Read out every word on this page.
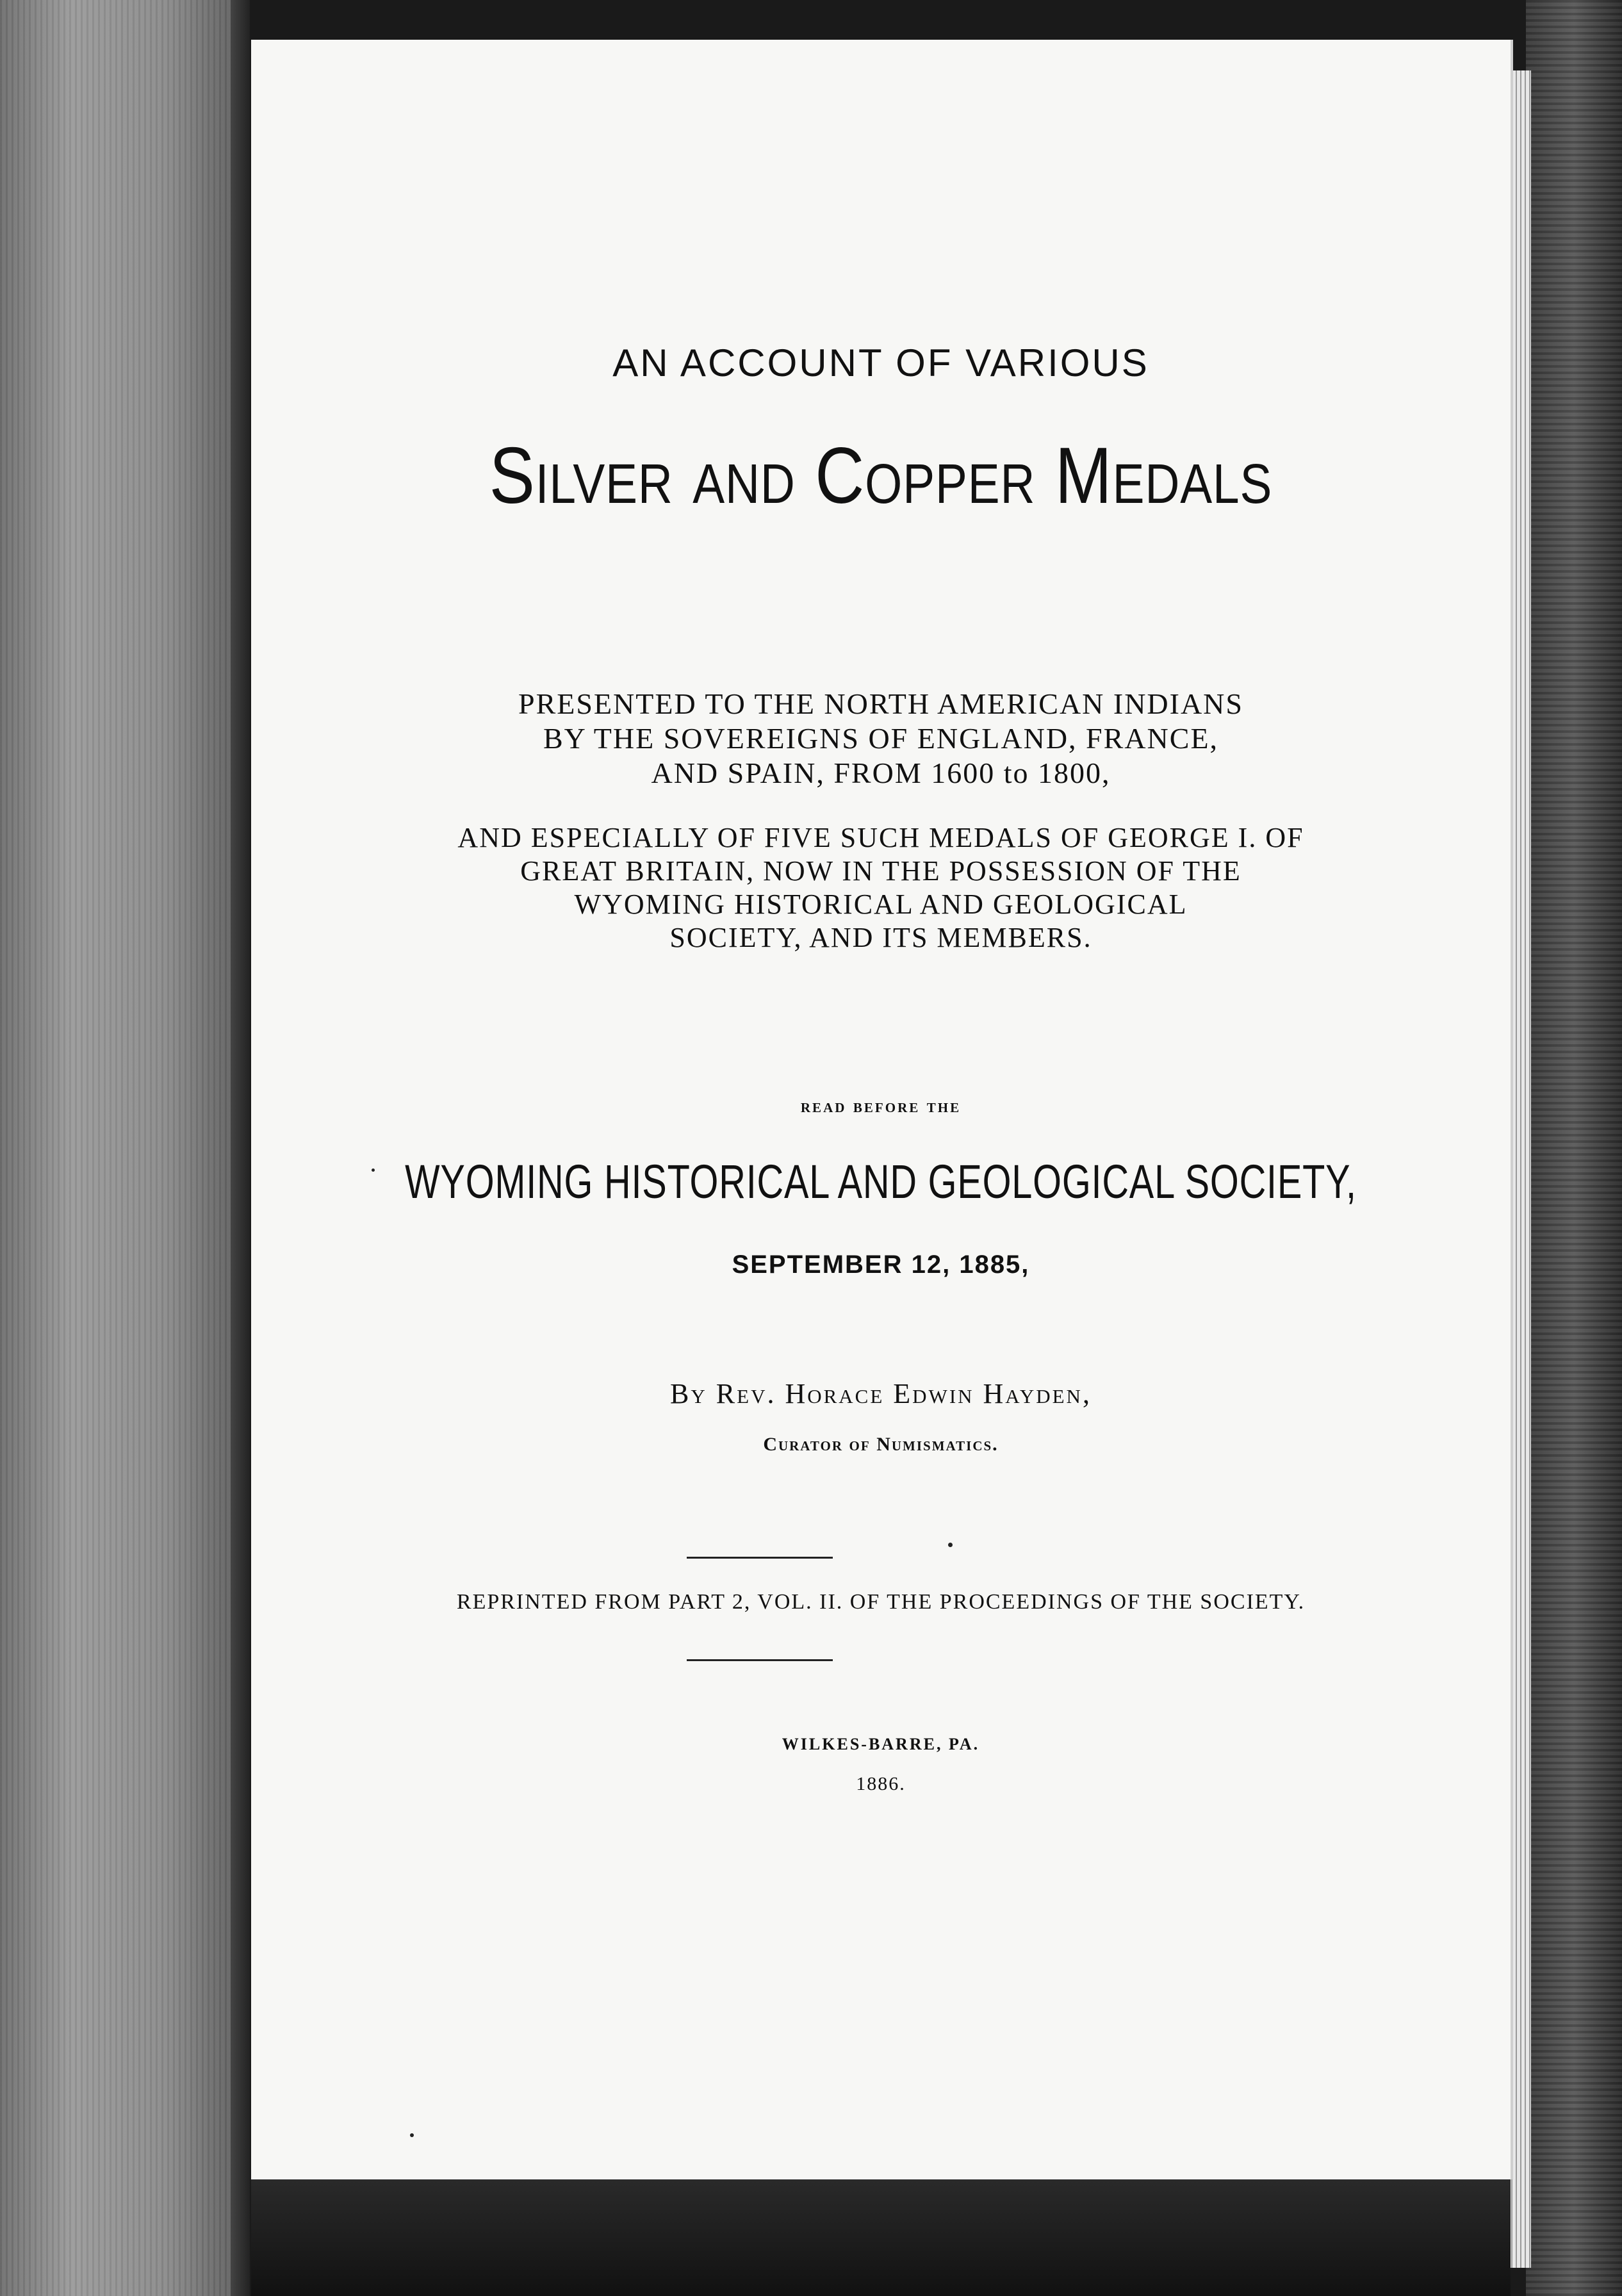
AN ACCOUNT OF VARIOUS

Silver and Copper Medals

PRESENTED TO THE NORTH AMERICAN INDIANS
BY THE SOVEREIGNS OF ENGLAND, FRANCE,
AND SPAIN, FROM 1600 to 1800,

AND ESPECIALLY OF FIVE SUCH MEDALS OF GEORGE I. OF
GREAT BRITAIN, NOW IN THE POSSESSION OF THE
WYOMING HISTORICAL AND GEOLOGICAL
SOCIETY, AND ITS MEMBERS.

read before the

WYOMING HISTORICAL AND GEOLOGICAL SOCIETY,

SEPTEMBER 12, 1885,

By Rev. Horace Edwin Hayden,

Curator of Numismatics.

REPRINTED FROM PART 2, VOL. II. OF THE PROCEEDINGS OF THE SOCIETY.

WILKES-BARRE, PA.

1886.
